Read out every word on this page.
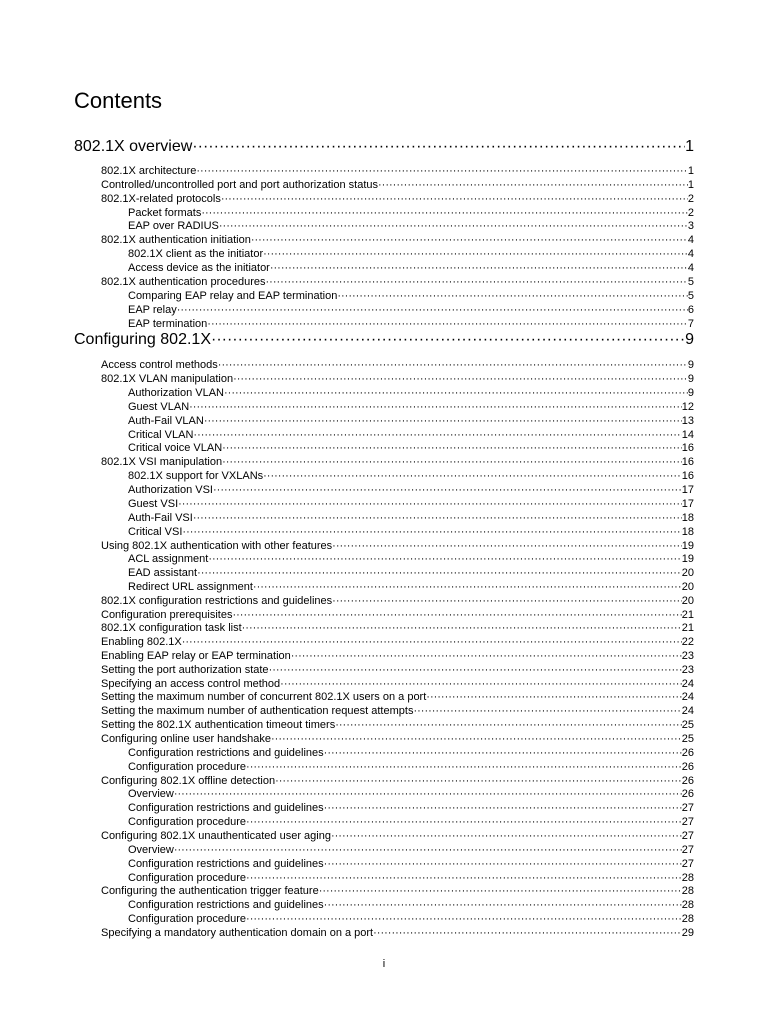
Contents
802.1X overview ·····	1
802.1X architecture ·····	1
Controlled/uncontrolled port and port authorization status ·····	1
802.1X-related protocols ·····	2
Packet formats ·····	2
EAP over RADIUS ·····	3
802.1X authentication initiation ·····	4
802.1X client as the initiator ·····	4
Access device as the initiator ·····	4
802.1X authentication procedures ·····	5
Comparing EAP relay and EAP termination ·····	5
EAP relay ·····	6
EAP termination ·····	7
Configuring 802.1X ·····	9
Access control methods ·····	9
802.1X VLAN manipulation ·····	9
Authorization VLAN ·····	9
Guest VLAN ·····	12
Auth-Fail VLAN ·····	13
Critical VLAN ·····	14
Critical voice VLAN ·····	16
802.1X VSI manipulation ·····	16
802.1X support for VXLANs ·····	16
Authorization VSI ·····	17
Guest VSI ·····	17
Auth-Fail VSI ·····	18
Critical VSI ·····	18
Using 802.1X authentication with other features ·····	19
ACL assignment ·····	19
EAD assistant ·····	20
Redirect URL assignment ·····	20
802.1X configuration restrictions and guidelines ·····	20
Configuration prerequisites ·····	21
802.1X configuration task list ·····	21
Enabling 802.1X ·····	22
Enabling EAP relay or EAP termination ·····	23
Setting the port authorization state ·····	23
Specifying an access control method ·····	24
Setting the maximum number of concurrent 802.1X users on a port ·····	24
Setting the maximum number of authentication request attempts ·····	24
Setting the 802.1X authentication timeout timers ·····	25
Configuring online user handshake ·····	25
Configuration restrictions and guidelines ·····	26
Configuration procedure ·····	26
Configuring 802.1X offline detection ·····	26
Overview ·····	26
Configuration restrictions and guidelines ·····	27
Configuration procedure ·····	27
Configuring 802.1X unauthenticated user aging ·····	27
Overview ·····	27
Configuration restrictions and guidelines ·····	27
Configuration procedure ·····	28
Configuring the authentication trigger feature ·····	28
Configuration restrictions and guidelines ·····	28
Configuration procedure ·····	28
Specifying a mandatory authentication domain on a port ·····	29
i
